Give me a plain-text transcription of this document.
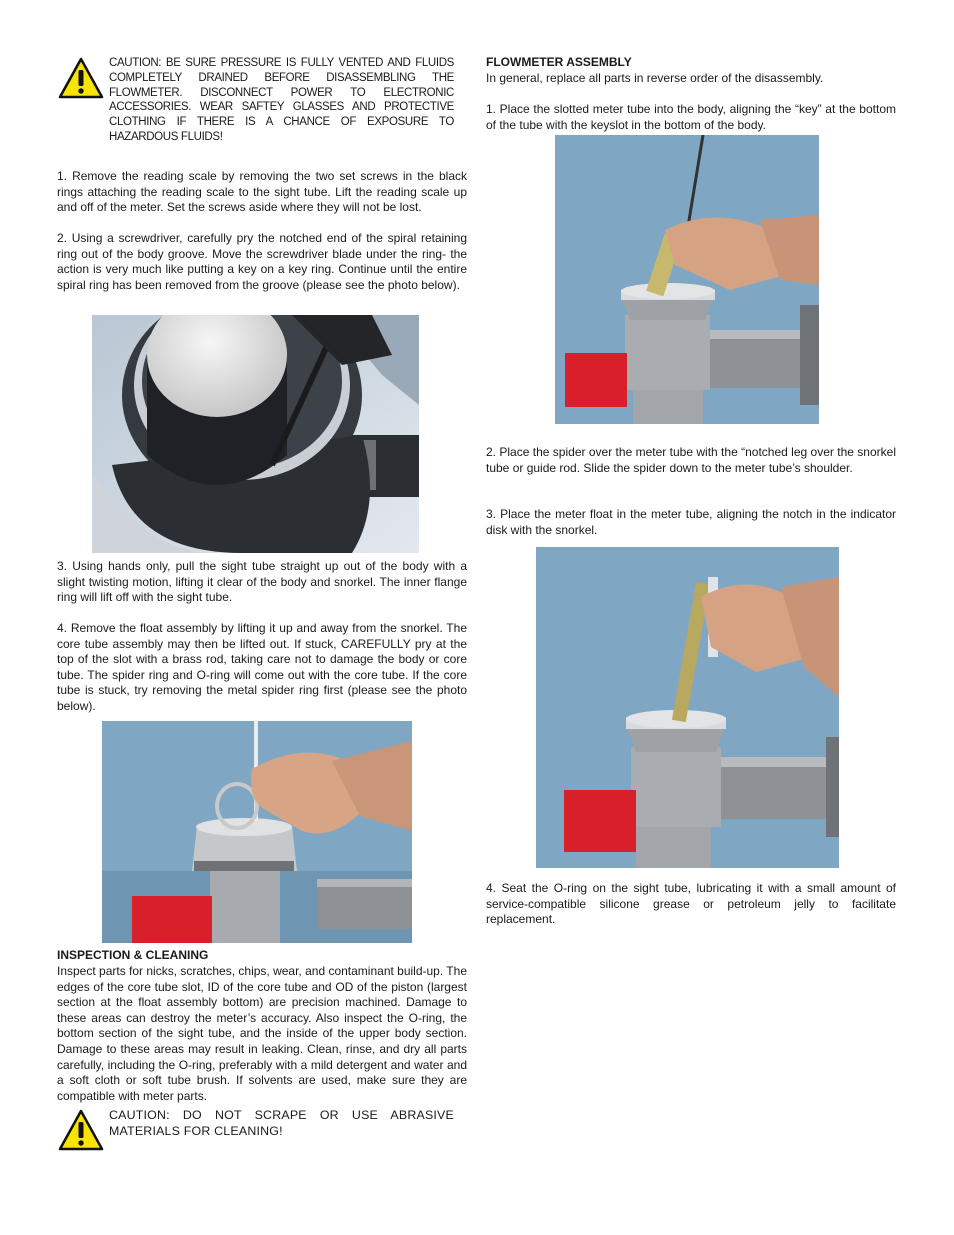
CAUTION: BE SURE PRESSURE IS FULLY VENTED AND FLUIDS COMPLETELY DRAINED BEFORE DISASSEMBLING THE FLOWMETER. DISCONNECT POWER TO ELECTRONIC ACCESSORIES. WEAR SAFTEY GLASSES AND PROTECTIVE CLOTHING IF THERE IS A CHANCE OF EXPOSURE TO HAZARDOUS FLUIDS!

1. Remove the reading scale by removing the two set screws in the black rings attaching the reading scale to the sight tube. Lift the reading scale up and off of the meter. Set the screws aside where they will not be lost.

2. Using a screwdriver, carefully pry the notched end of the spiral retaining ring out of the body groove. Move the screwdriver blade under the ring- the action is very much like putting a key on a key ring. Continue until the entire spiral ring has been removed from the groove (please see the photo below).

3. Using hands only, pull the sight tube straight up out of the body with a slight twisting motion, lifting it clear of the body and snorkel. The inner flange ring will lift off with the sight tube.

4. Remove the float assembly by lifting it up and away from the snorkel. The core tube assembly may then be lifted out. If stuck, CAREFULLY pry at the top of the slot with a brass rod, taking care not to damage the body or core tube. The spider ring and O-ring will come out with the core tube. If the core tube is stuck, try removing the metal spider ring first (please see the photo below).

INSPECTION & CLEANING

Inspect parts for nicks, scratches, chips, wear, and contaminant build-up. The edges of the core tube slot, ID of the core tube and OD of the piston (largest section at the float assembly bottom) are precision machined. Damage to these areas can destroy the meter’s accuracy. Also inspect the O-ring, the bottom section of the sight tube, and the inside of the upper body section. Damage to these areas may result in leaking. Clean, rinse, and dry all parts carefully, including the O-ring, preferably with a mild detergent and water and a soft cloth or soft tube brush. If solvents are used, make sure they are compatible with meter parts.

CAUTION: DO NOT SCRAPE OR USE ABRASIVE MATERIALS FOR CLEANING!

FLOWMETER ASSEMBLY

In general, replace all parts in reverse order of the disassembly.

1. Place the slotted meter tube into the body, aligning the “key” at the bottom of the tube with the keyslot in the bottom of the body.

2. Place the spider over the meter tube with the “notched leg over the snorkel tube or guide rod. Slide the spider down to the meter tube’s shoulder.

3. Place the meter float in the meter tube, aligning the notch in the indicator disk with the snorkel.

4. Seat the O-ring on the sight tube, lubricating it with a small amount of service-compatible silicone grease or petroleum jelly to facilitate replacement.
